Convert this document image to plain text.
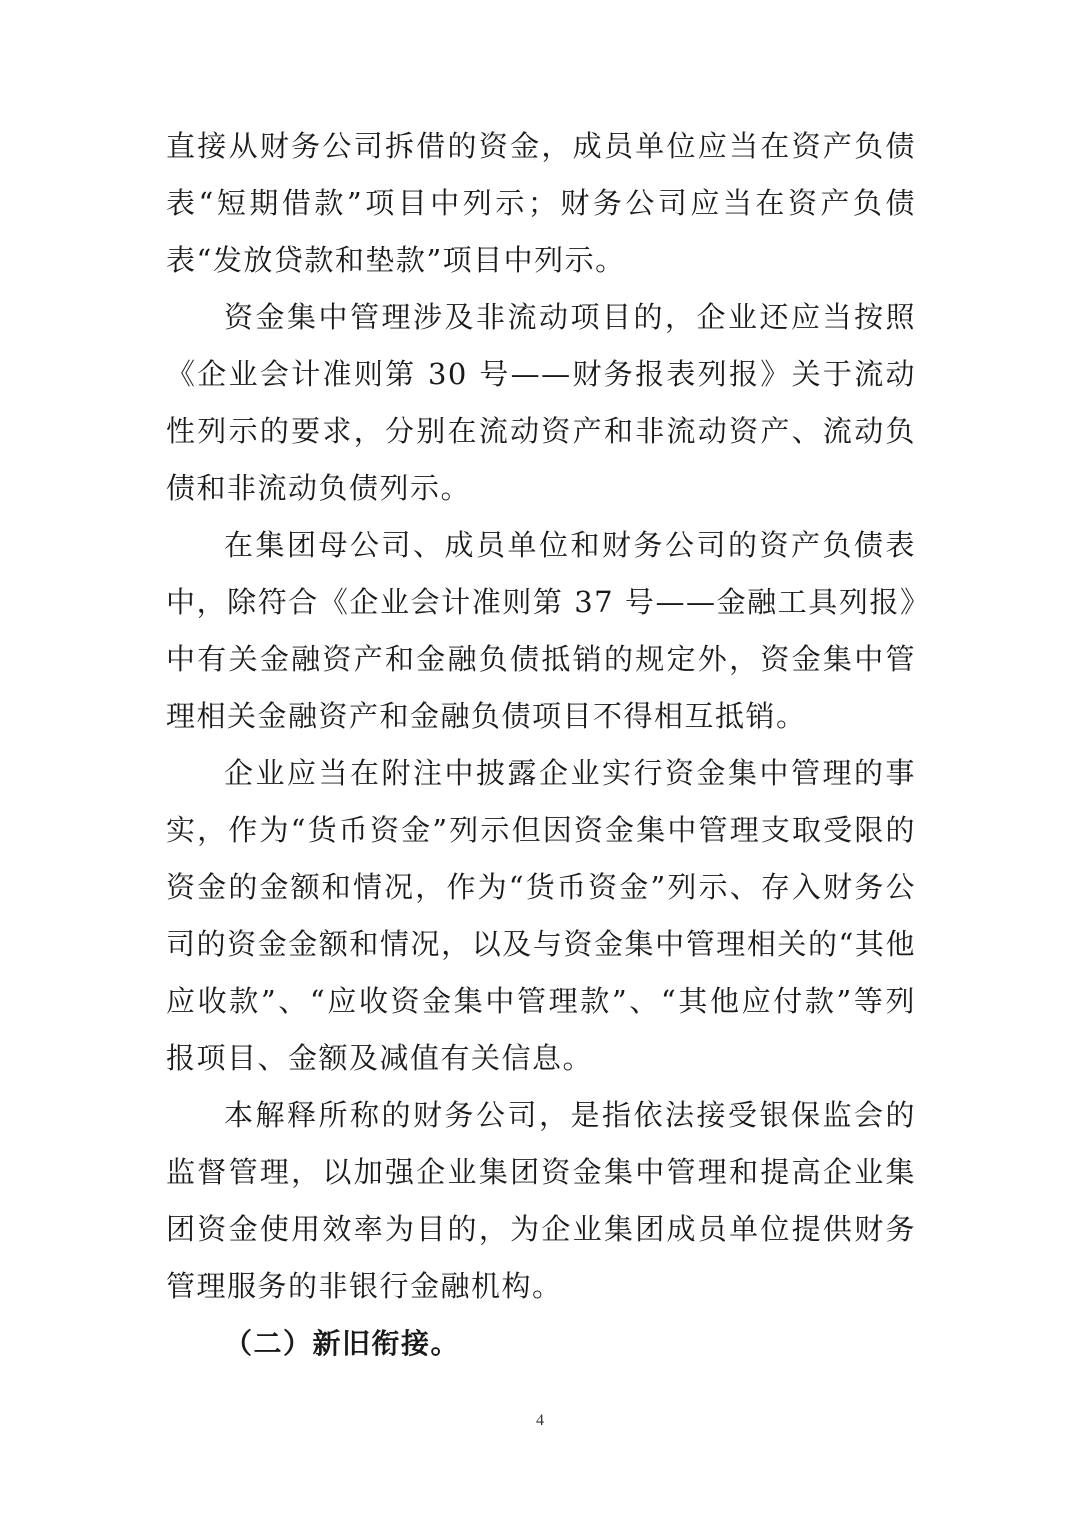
直接从财务公司拆借的资金，成员单位应当在资产负债表“短期借款”项目中列示；财务公司应当在资产负债表“发放贷款和垫款”项目中列示。

资金集中管理涉及非流动项目的，企业还应当按照《企业会计准则第 30 号——财务报表列报》关于流动性列示的要求，分别在流动资产和非流动资产、流动负债和非流动负债列示。

在集团母公司、成员单位和财务公司的资产负债表中，除符合《企业会计准则第 37 号——金融工具列报》中有关金融资产和金融负债抵销的规定外，资金集中管理相关金融资产和金融负债项目不得相互抵销。

企业应当在附注中披露企业实行资金集中管理的事实，作为“货币资金”列示但因资金集中管理支取受限的资金的金额和情况，作为“货币资金”列示、存入财务公司的资金金额和情况，以及与资金集中管理相关的“其他应收款”、“应收资金集中管理款”、“其他应付款”等列报项目、金额及减值有关信息。

本解释所称的财务公司，是指依法接受银保监会的监督管理，以加强企业集团资金集中管理和提高企业集团资金使用效率为目的，为企业集团成员单位提供财务管理服务的非银行金融机构。

（二）新旧衔接。

4
